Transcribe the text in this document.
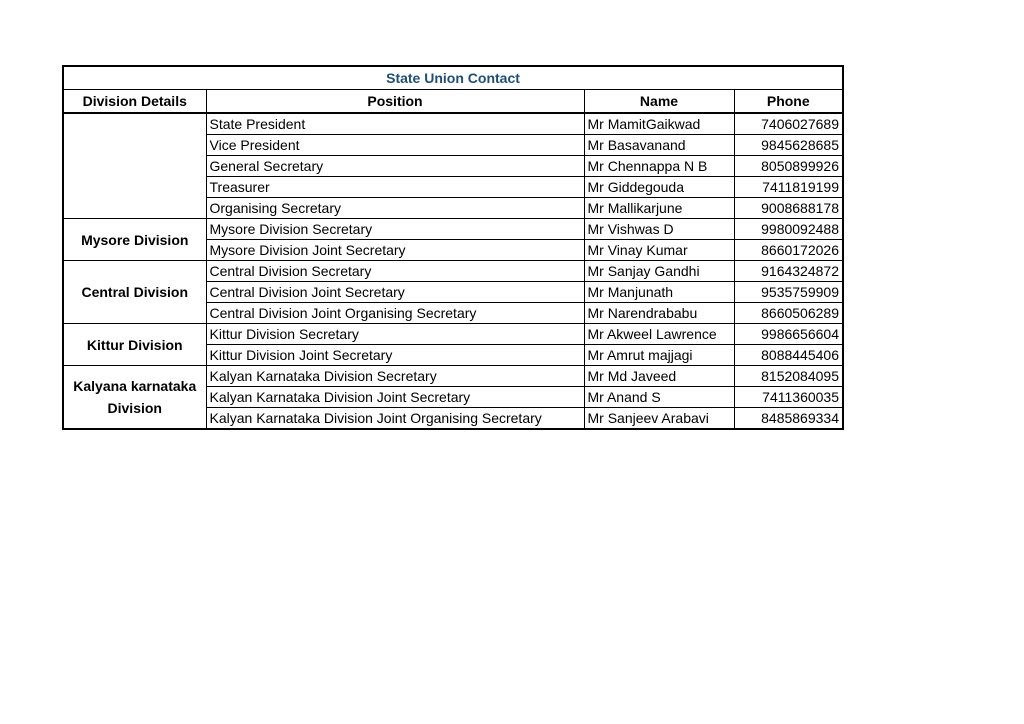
State Union Contact			
Division Details	Position	Name	Phone
	State President	Mr MamitGaikwad	7406027689
	Vice President	Mr Basavanand	9845628685
	General Secretary	Mr Chennappa N B	8050899926
	Treasurer	Mr Giddegouda	7411819199
	Organising Secretary	Mr Mallikarjune	9008688178
Mysore Division	Mysore Division Secretary	Mr Vishwas D	9980092488
	Mysore Division Joint Secretary	Mr Vinay Kumar	8660172026
Central Division	Central Division Secretary	Mr Sanjay Gandhi	9164324872
	Central Division Joint Secretary	Mr Manjunath	9535759909
	Central Division Joint Organising Secretary	Mr Narendrababu	8660506289
Kittur Division	Kittur Division Secretary	Mr Akweel Lawrence	9986656604
	Kittur Division Joint Secretary	Mr Amrut majjagi	8088445406
Kalyana karnataka Division	Kalyan Karnataka Division Secretary	Mr Md Javeed	8152084095
	Kalyan Karnataka Division Joint Secretary	Mr Anand S	7411360035
	Kalyan Karnataka Division Joint Organising Secretary	Mr Sanjeev Arabavi	8485869334
